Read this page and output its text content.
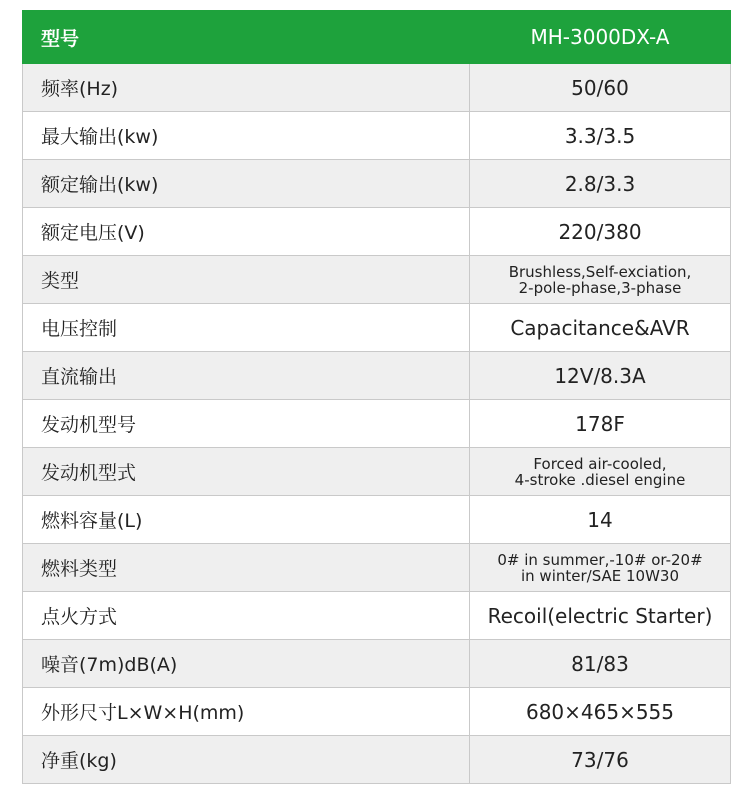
型号	MH-3000DX-A
频率(Hz)	50/60

最大输出(kw)	3.3/3.5

额定输出(kw)	2.8/3.3

额定电压(V)	220/380

类型	Brushless,Self-exciation,
2-pole-phase,3-phase

电压控制	Capacitance&AVR

直流输出	12V/8.3A

发动机型号	178F

发动机型式	Forced air-cooled,
4-stroke .diesel engine

燃料容量(L)	14

燃料类型	0# in summer,-10# or-20#
in winter/SAE 10W30

点火方式	Recoil(electric Starter)

噪音(7m)dB(A)	81/83

外形尺寸L×W×H(mm)	680×465×555

净重(kg)	73/76
